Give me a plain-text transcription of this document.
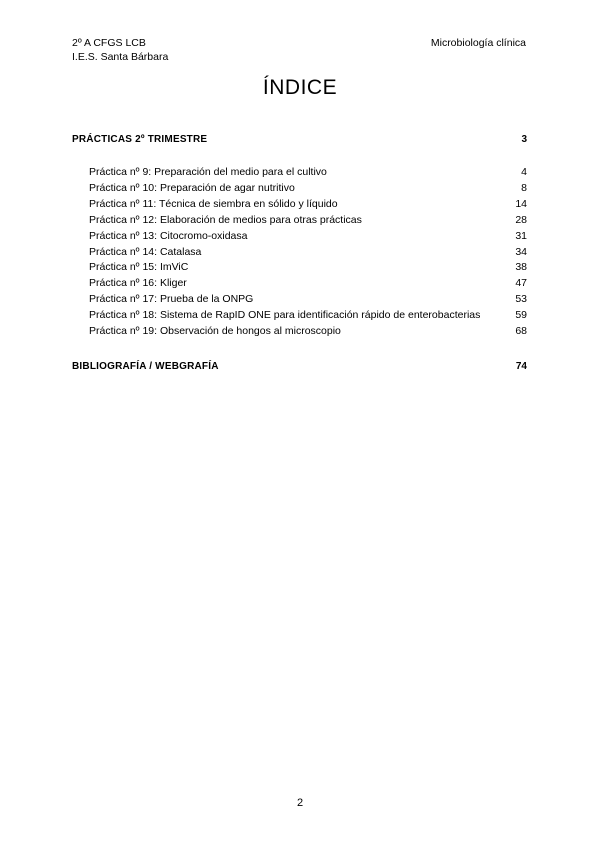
2º A CFGS LCB
I.E.S. Santa Bárbara
Microbiología clínica
ÍNDICE
PRÁCTICAS 2º TRIMESTRE	3
Práctica nº 9: Preparación del medio para el cultivo	4
Práctica nº 10: Preparación de agar nutritivo	8
Práctica nº 11: Técnica de siembra en sólido y líquido	14
Práctica nº 12: Elaboración de medios para otras prácticas	28
Práctica nº 13: Citocromo-oxidasa	31
Práctica nº 14: Catalasa	34
Práctica nº 15: ImViC	38
Práctica nº 16: Kliger	47
Práctica nº 17: Prueba de la ONPG	53
Práctica nº 18: Sistema de RapID ONE para identificación rápido de enterobacterias	59
Práctica nº 19: Observación de hongos al microscopio	68
BIBLIOGRAFÍA / WEBGRAFÍA	74
2
